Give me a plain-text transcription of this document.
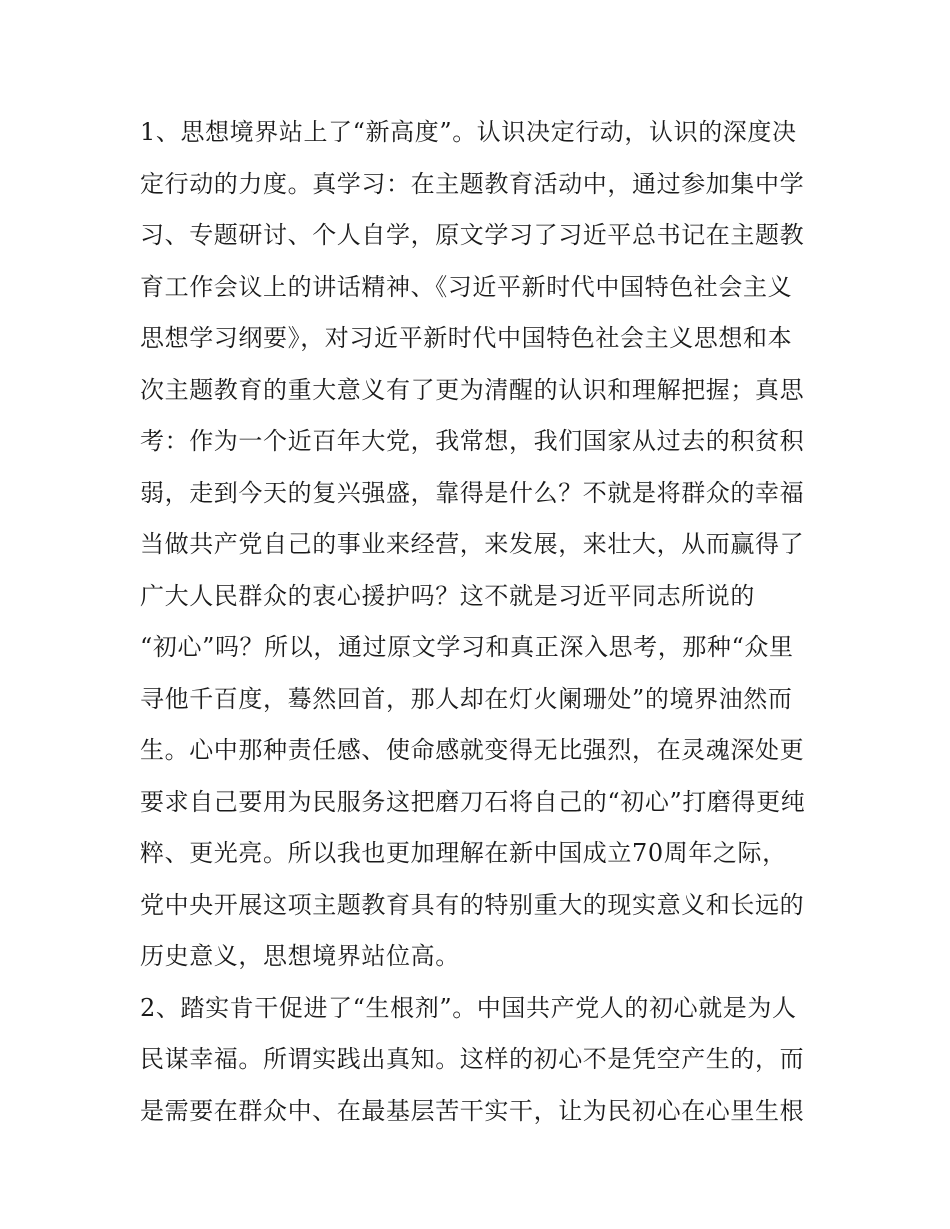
1、思想境界站上了“新高度”。认识决定行动，认识的深度决
定行动的力度。真学习：在主题教育活动中，通过参加集中学
习、专题研讨、个人自学，原文学习了习近平总书记在主题教
育工作会议上的讲话精神、《习近平新时代中国特色社会主义
思想学习纲要》，对习近平新时代中国特色社会主义思想和本
次主题教育的重大意义有了更为清醒的认识和理解把握；真思
考：作为一个近百年大党，我常想，我们国家从过去的积贫积
弱，走到今天的复兴强盛，靠得是什么？不就是将群众的幸福
当做共产党自己的事业来经营，来发展，来壮大，从而赢得了
广大人民群众的衷心援护吗？这不就是习近平同志所说的
“初心”吗？所以，通过原文学习和真正深入思考，那种“众里
寻他千百度，蓦然回首，那人却在灯火阑珊处”的境界油然而
生。心中那种责任感、使命感就变得无比强烈，在灵魂深处更
要求自己要用为民服务这把磨刀石将自己的“初心”打磨得更纯
粹、更光亮。所以我也更加理解在新中国成立70周年之际，
党中央开展这项主题教育具有的特别重大的现实意义和长远的
历史意义，思想境界站位高。
2、踏实肯干促进了“生根剂”。中国共产党人的初心就是为人
民谋幸福。所谓实践出真知。这样的初心不是凭空产生的，而
是需要在群众中、在最基层苦干实干，让为民初心在心里生根
